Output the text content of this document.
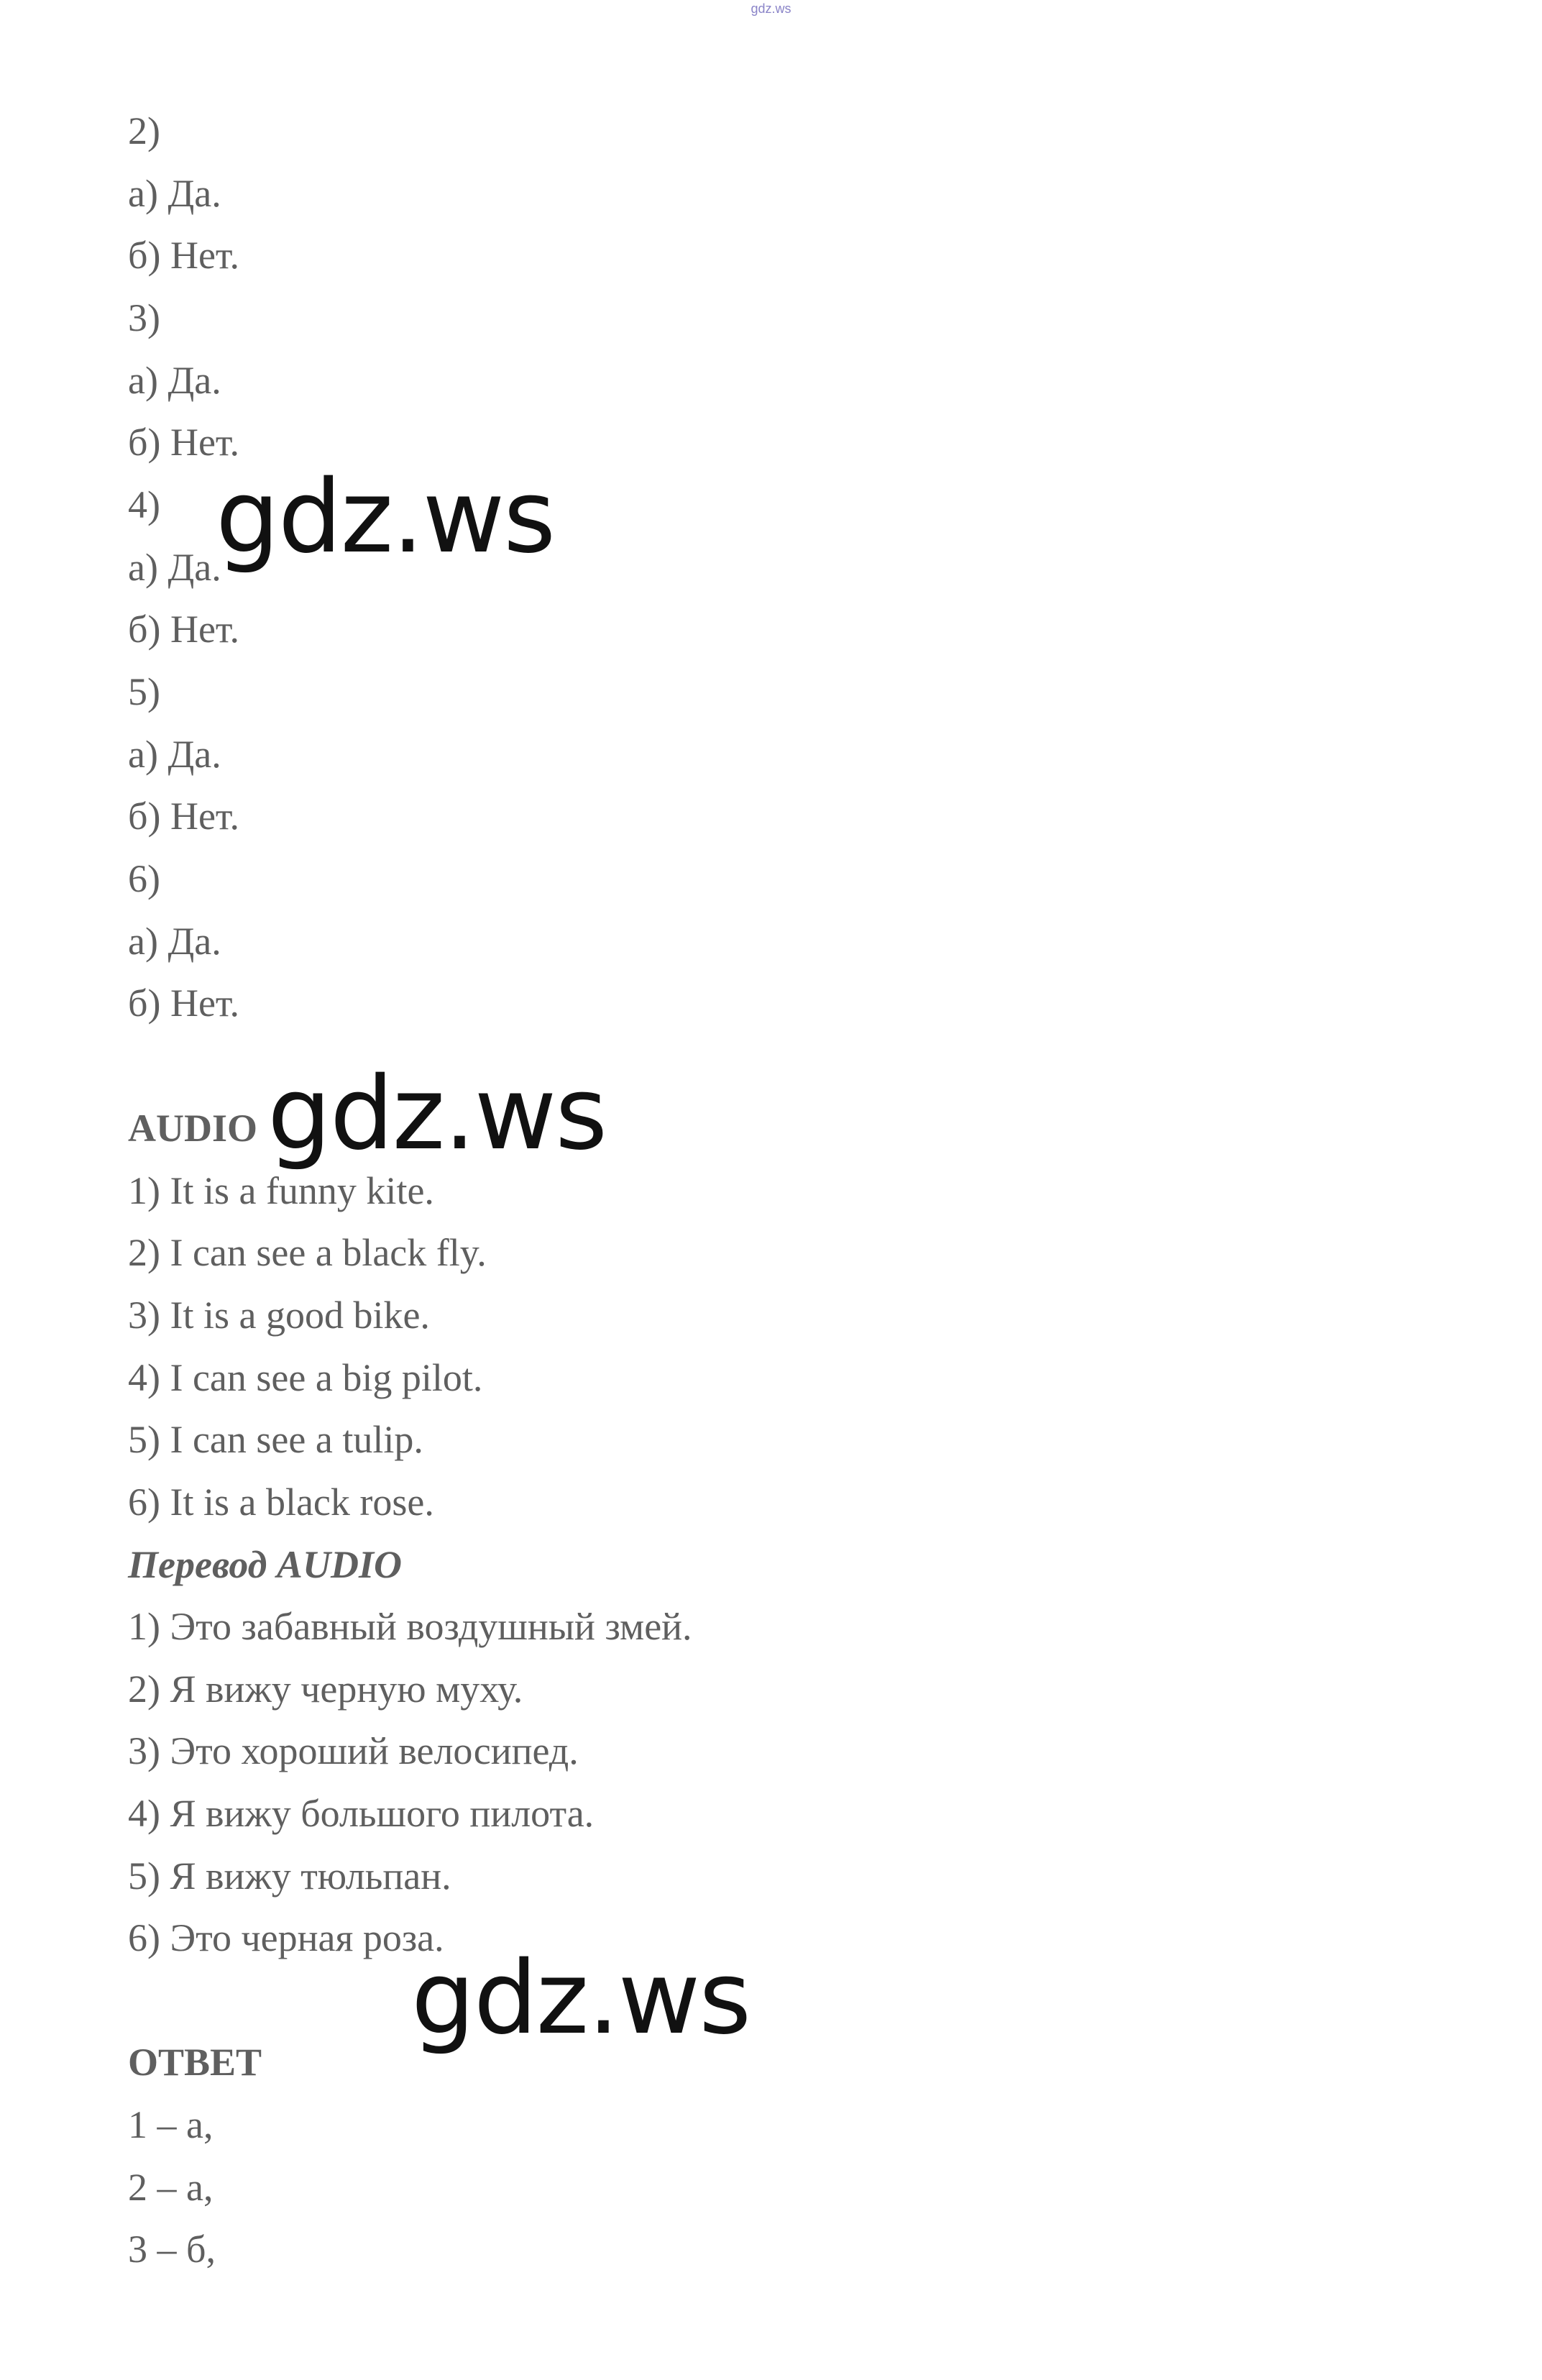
gdz.ws
2)
а) Да.
б) Нет.
3)
а) Да.
б) Нет.
4)
а) Да.
б) Нет.
5)
а) Да.
б) Нет.
6)
а) Да.
б) Нет.
AUDIO
1) It is a funny kite.
2) I can see a black fly.
3) It is a good bike.
4) I can see a big pilot.
5) I can see a tulip.
6) It is a black rose.
Перевод AUDIO
1) Это забавный воздушный змей.
2) Я вижу черную муху.
3) Это хороший велосипед.
4) Я вижу большого пилота.
5) Я вижу тюльпан.
6) Это черная роза.
ОТВЕТ
1 – а,
2 – а,
3 – б,
gdz.ws
gdz.ws
gdz.ws
